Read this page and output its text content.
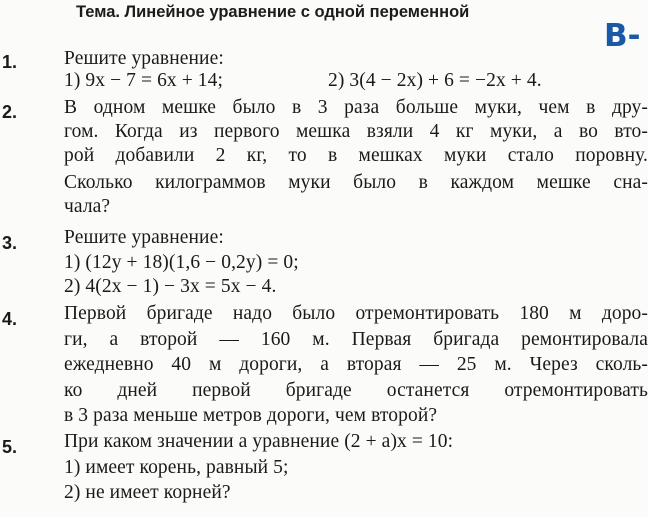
Тема. Линейное уравнение с одной переменной
В-
1. Решите уравнение:
1) 9x − 7 = 6x + 14;	2) 3(4 − 2x) + 6 = −2x + 4.
2. В одном мешке было в 3 раза больше муки, чем в дру-
гом. Когда из первого мешка взяли 4 кг муки, а во вто-
рой добавили 2 кг, то в мешках муки стало поровну.
Сколько килограммов муки было в каждом мешке сна-
чала?
3. Решите уравнение:
1) (12y + 18)(1,6 − 0,2y) = 0;
2) 4(2x − 1) − 3x = 5x − 4.
4. Первой бригаде надо было отремонтировать 180 м доро-
ги, а второй — 160 м. Первая бригада ремонтировала
ежедневно 40 м дороги, а вторая — 25 м. Через сколь-
ко дней первой бригаде останется отремонтировать
в 3 раза меньше метров дороги, чем второй?
5. При каком значении a уравнение (2 + a)x = 10:
1) имеет корень, равный 5;
2) не имеет корней?
